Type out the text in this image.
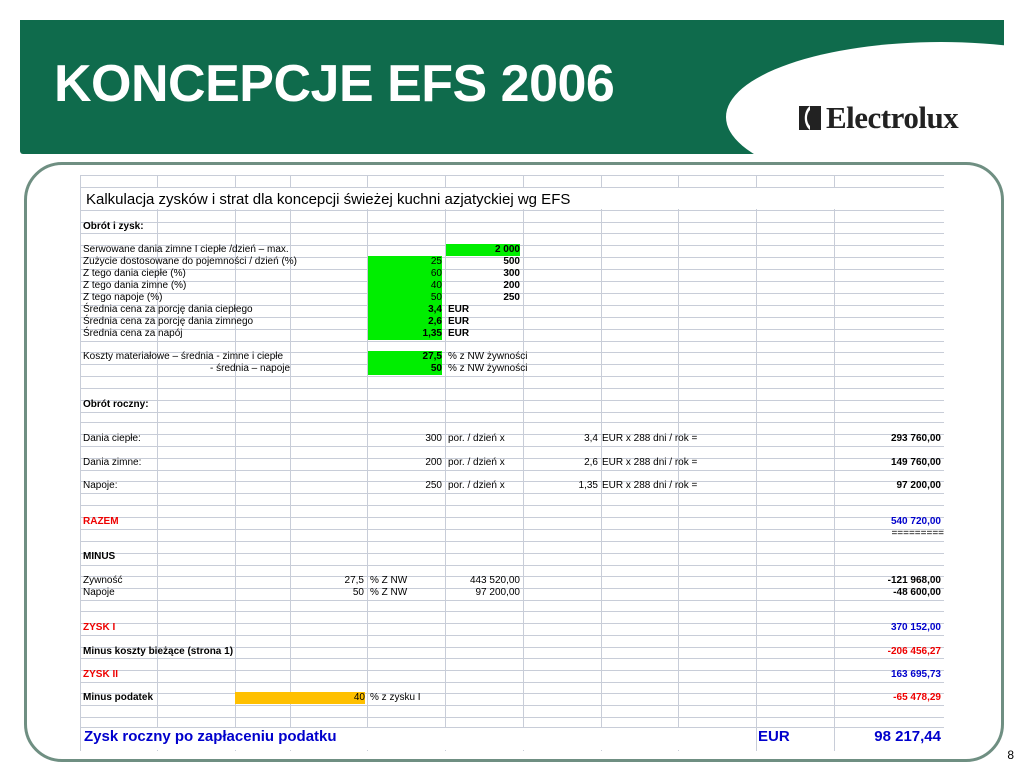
KONCEPCJE EFS 2006
Electrolux
Kalkulacja zysków i strat dla koncepcji świeżej kuchni azjatyckiej wg EFS
Obrót i zysk:
Serwowane dania zimne I ciepłe /dzień – max.	2 000
Zużycie dostosowane do pojemności / dzień (%)	25	500
Z tego dania ciepłe (%)	60	300
Z tego dania zimne (%)	40	200
Z tego napoje (%)	50	250
Średnia cena za porcję dania ciepłego	3,4 EUR
Średnia cena za porcję dania zimnego	2,6 EUR
Średnia cena za napój	1,35 EUR
Koszty materiałowe – średnia - zimne i ciepłe	27,5 % z NW żywności
- średnia – napoje	50 % z NW żywności
Obrót roczny:
Dania ciepłe:	300 por. / dzień x	3,4 EUR x 288 dni / rok =	293 760,00
Dania zimne:	200 por. / dzień x	2,6 EUR x 288 dni / rok =	149 760,00
Napoje:	250 por. / dzień x	1,35 EUR x 288 dni / rok =	97 200,00
RAZEM	540 720,00
=========
MINUS
Zywność	27,5 % Z NW	443 520,00	-121 968,00
Napoje	50 % Z NW	97 200,00	-48 600,00
ZYSK I	370 152,00
Minus koszty bieżące (strona 1)	-206 456,27
ZYSK II	163 695,73
Minus podatek	40 % z zysku I	-65 478,29
Zysk roczny po zapłaceniu podatku	EUR	98 217,44
8
